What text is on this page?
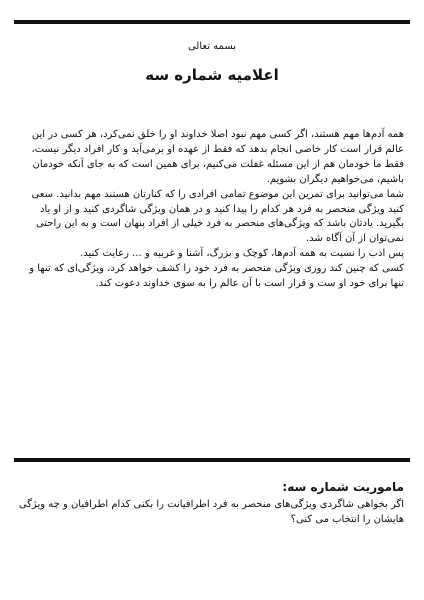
بسمه تعالی
اعلامیه شماره سه

همه آدم‌ها مهم هستند، اگر کسی مهم نبود اصلا خداوند او را خلق نمی‌کرد، هر کسی در این عالم قرار است کار خاصی انجام بدهد که فقط از عهده او برمی‌آید و کار افراد دیگر نیست، فقط ما خودمان هم از این مسئله غفلت می‌کنیم، برای همین است که به جای آنکه خودمان باشیم، می‌خواهیم دیگران بشویم.

شما می‌توانید برای تمرین این موضوع تمامی افرادی را که کنارتان هستند مهم بدانید. سعی کنید ویژگی منحصر به فرد هر کدام را پیدا کنید و در همان ویژگی شاگردی کنید و از او یاد بگیرید. یادتان باشد که ویژگی‌های منحصر به فرد خیلی از افراد پنهان است و به این راحتی نمی‌توان از آن آگاه شد.

پس ادب را نسبت به همه آدم‌ها، کوچک و بزرگ، آشنا و غریبه و ... رعایت کنید.

کسی که چنین کند روزی ویژگی منحصر به فرد خود را کشف خواهد کرد، ویژگی‌ای که تنها و تنها برای خود او ست و قرار است با آن عالم را به سوی خداوند دعوت کند.

ماموریت شماره سه:
اگر بخواهی شاگردی ویژگی‌های منحصر به فرد اطرافیانت را بکنی کدام اطرافیان و چه ویژگی هایشان را انتخاب می کنی؟
